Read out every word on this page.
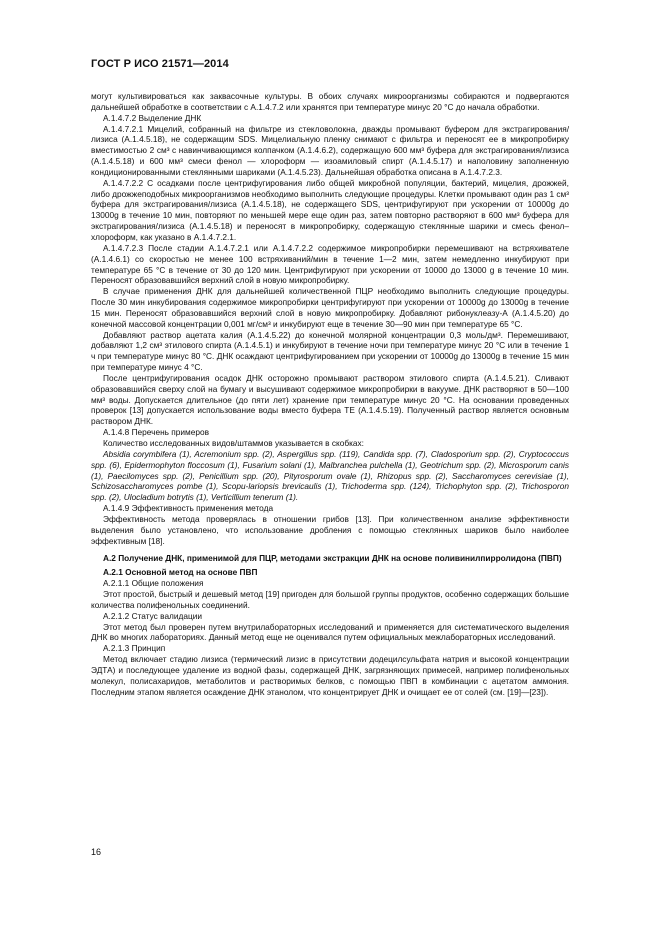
ГОСТ Р ИСО 21571—2014

могут культивироваться как заквасочные культуры. В обоих случаях микроорганизмы собираются и подвергаются дальнейшей обработке в соответствии с А.1.4.7.2 или хранятся при температуре минус 20 °С до начала обработки.

А.1.4.7.2 Выделение ДНК

А.1.4.7.2.1 Мицелий, собранный на фильтре из стекловолокна, дважды промывают буфером для экстрагирования/лизиса (А.1.4.5.18), не содержащим SDS. Мицелиальную пленку снимают с фильтра и переносят ее в микропробирку вместимостью 2 см³ с навинчивающимся колпачком (А.1.4.6.2), содержащую 600 мм³ буфера для экстрагирования/лизиса (А.1.4.5.18) и 600 мм³ смеси фенол — хлороформ — изоамиловый спирт (А.1.4.5.17) и наполовину заполненную кондиционированными стеклянными шариками (А.1.4.5.23). Дальнейшая обработка описана в А.1.4.7.2.3.

А.1.4.7.2.2 С осадками после центрифугирования либо общей микробной популяции, бактерий, мицелия, дрожжей, либо дрожжеподобных микроорганизмов необходимо выполнить следующие процедуры. Клетки промывают один раз 1 см³ буфера для экстрагирования/лизиса (А.1.4.5.18), не содержащего SDS, центрифугируют при ускорении от 10000g до 13000g в течение 10 мин, повторяют по меньшей мере еще один раз, затем повторно растворяют в 600 мм³ буфера для экстрагирования/лизиса (А.1.4.5.18) и переносят в микропробирку, содержащую стеклянные шарики и смесь фенол–хлороформ, как указано в А.1.4.7.2.1.

А.1.4.7.2.3 После стадии А.1.4.7.2.1 или А.1.4.7.2.2 содержимое микропробирки перемешивают на встряхивателе (А.1.4.6.1) со скоростью не менее 100 встряхиваний/мин в течение 1—2 мин, затем немедленно инкубируют при температуре 65 °С в течение от 30 до 120 мин. Центрифугируют при ускорении от 10000 до 13000 g в течение 10 мин. Переносят образовавшийся верхний слой в новую микропробирку.

В случае применения ДНК для дальнейшей количественной ПЦР необходимо выполнить следующие процедуры. После 30 мин инкубирования содержимое микропробирки центрифугируют при ускорении от 10000g до 13000g в течение 15 мин. Переносят образовавшийся верхний слой в новую микропробирку. Добавляют рибонуклеазу-А (А.1.4.5.20) до конечной массовой концентрации 0,001 мг/см³ и инкубируют еще в течение 30—90 мин при температуре 65 °С.

Добавляют раствор ацетата калия (А.1.4.5.22) до конечной молярной концентрации 0,3 моль/дм³. Перемешивают, добавляют 1,2 см³ этилового спирта (А.1.4.5.1) и инкубируют в течение ночи при температуре минус 20 °С или в течение 1 ч при температуре минус 80 °С. ДНК осаждают центрифугированием при ускорении от 10000g до 13000g в течение 15 мин при температуре минус 4 °С.

После центрифугирования осадок ДНК осторожно промывают раствором этилового спирта (А.1.4.5.21). Сливают образовавшийся сверху слой на бумагу и высушивают содержимое микропробирки в вакууме. ДНК растворяют в 50—100 мм³ воды. Допускается длительное (до пяти лет) хранение при температуре минус 20 °С. На основании проведенных проверок [13] допускается использование воды вместо буфера ТЕ (А.1.4.5.19). Полученный раствор является основным раствором ДНК.

А.1.4.8 Перечень примеров

Количество исследованных видов/штаммов указывается в скобках:

Absidia corymbifera (1), Acremonium spp. (2), Aspergillus spp. (119), Candida spp. (7), Cladosporium spp. (2), Cryptococcus spp. (6), Epidermophyton floccosum (1), Fusarium solani (1), Malbranchea pulchella (1), Geotrichum spp. (2), Microsporum canis (1), Paecilomyces spp. (2), Penicillium spp. (20), Pityrosporum ovale (1), Rhizopus spp. (2), Saccharomyces cerevisiae (1), Schizosaccharomyces pombe (1), Scopu-lariopsis brevicaulis (1), Trichoderma spp. (124), Trichophyton spp. (2), Trichosporon spp. (2), Ulocladium botrytis (1), Verticillium tenerum (1).

А.1.4.9 Эффективность применения метода

Эффективность метода проверялась в отношении грибов [13]. При количественном анализе эффективности выделения было установлено, что использование дробления с помощью стеклянных шариков было наиболее эффективным [18].

А.2 Получение ДНК, применимой для ПЦР, методами экстракции ДНК на основе поливинилпирролидона (ПВП)

А.2.1 Основной метод на основе ПВП

А.2.1.1 Общие положения

Этот простой, быстрый и дешевый метод [19] пригоден для большой группы продуктов, особенно содержащих большие количества полифенольных соединений.

А.2.1.2 Статус валидации

Этот метод был проверен путем внутрилабораторных исследований и применяется для систематического выделения ДНК во многих лабораториях. Данный метод еще не оценивался путем официальных межлабораторных исследований.

А.2.1.3 Принцип

Метод включает стадию лизиса (термический лизис в присутствии додецилсульфата натрия и высокой концентрации ЭДТА) и последующее удаление из водной фазы, содержащей ДНК, загрязняющих примесей, например полифенольных молекул, полисахаридов, метаболитов и растворимых белков, с помощью ПВП в комбинации с ацетатом аммония. Последним этапом является осаждение ДНК этанолом, что концентрирует ДНК и очищает ее от солей (см. [19]—[23]).

16
